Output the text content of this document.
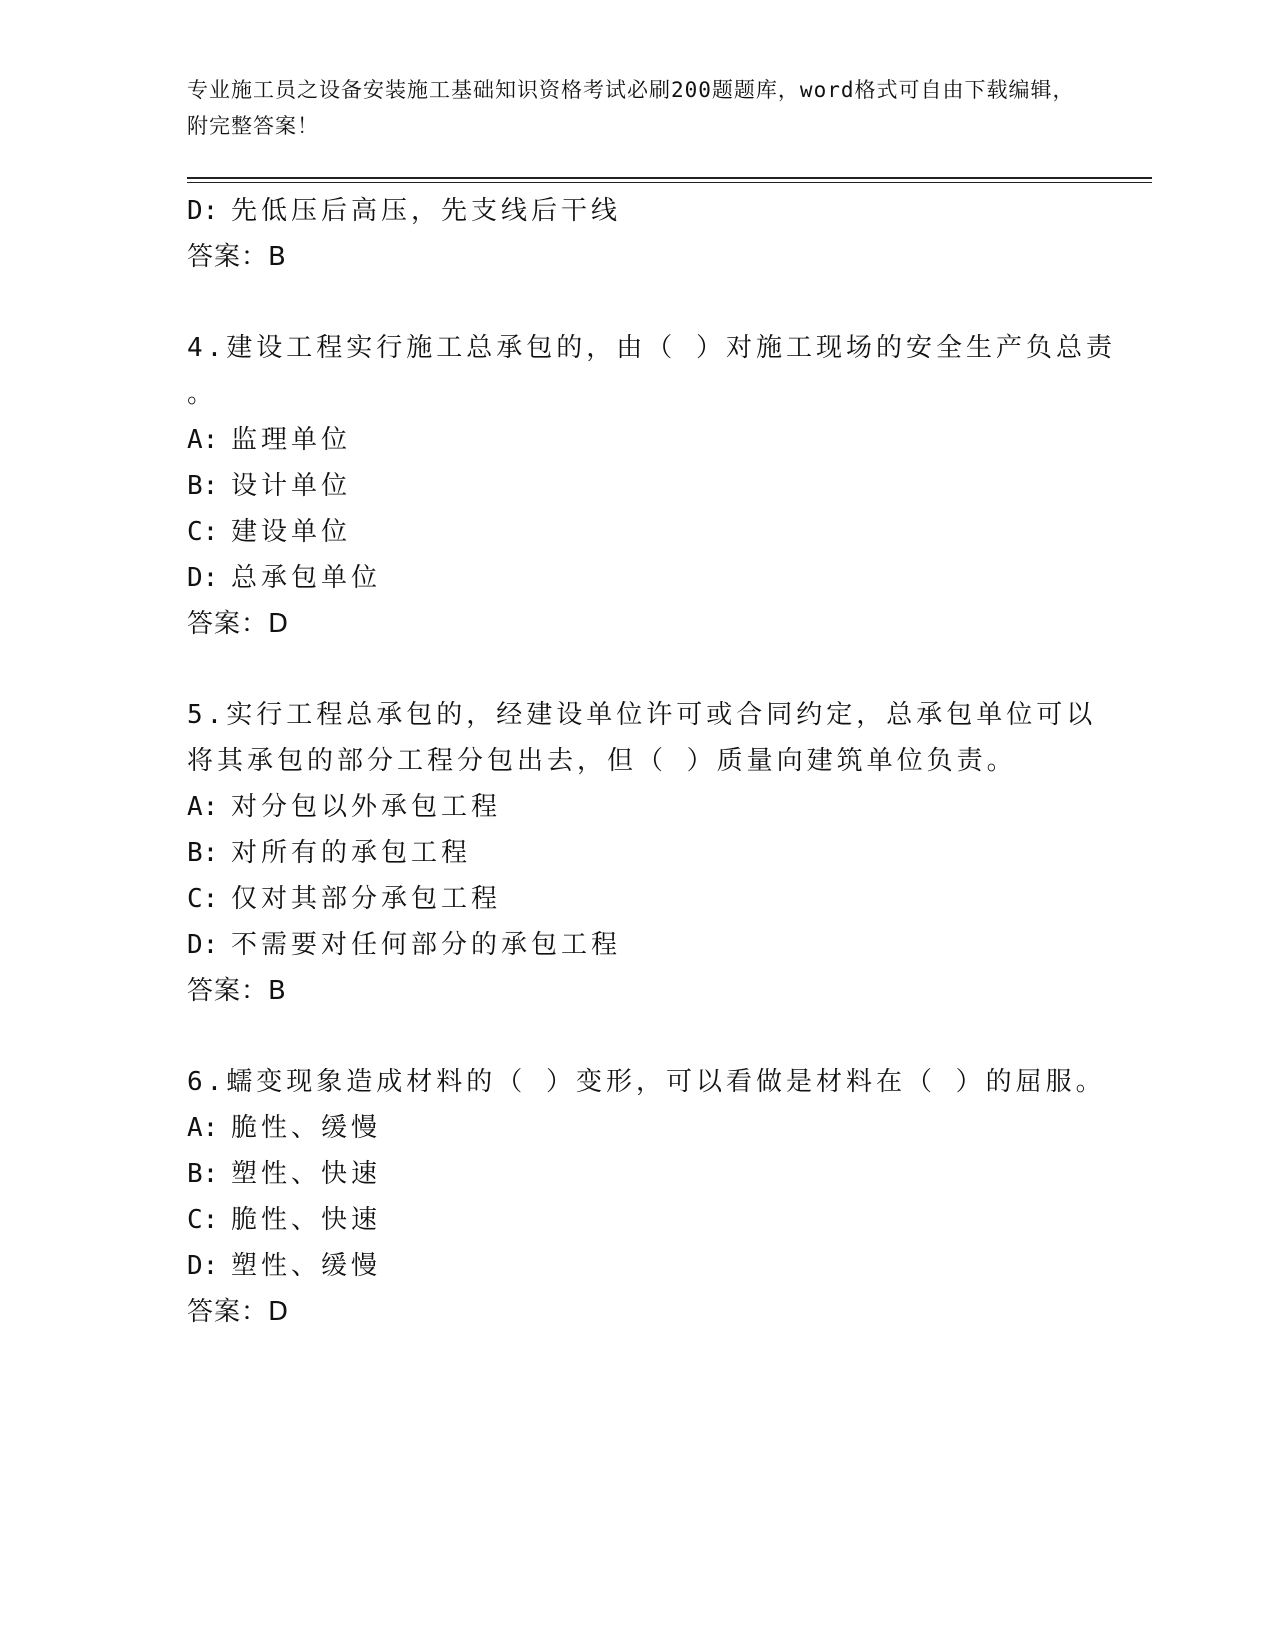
专业施工员之设备安装施工基础知识资格考试必刷200题题库，word格式可自由下载编辑，附完整答案！
D: 先低压后高压，先支线后干线
答案：B
4.建设工程实行施工总承包的，由（ ）对施工现场的安全生产负总责
。
A: 监理单位
B: 设计单位
C: 建设单位
D: 总承包单位
答案：D
5.实行工程总承包的，经建设单位许可或合同约定，总承包单位可以
将其承包的部分工程分包出去，但（ ）质量向建筑单位负责。
A: 对分包以外承包工程
B: 对所有的承包工程
C: 仅对其部分承包工程
D: 不需要对任何部分的承包工程
答案：B
6.蠕变现象造成材料的（ ）变形，可以看做是材料在（ ）的屈服。
A: 脆性、缓慢
B: 塑性、快速
C: 脆性、快速
D: 塑性、缓慢
答案：D
